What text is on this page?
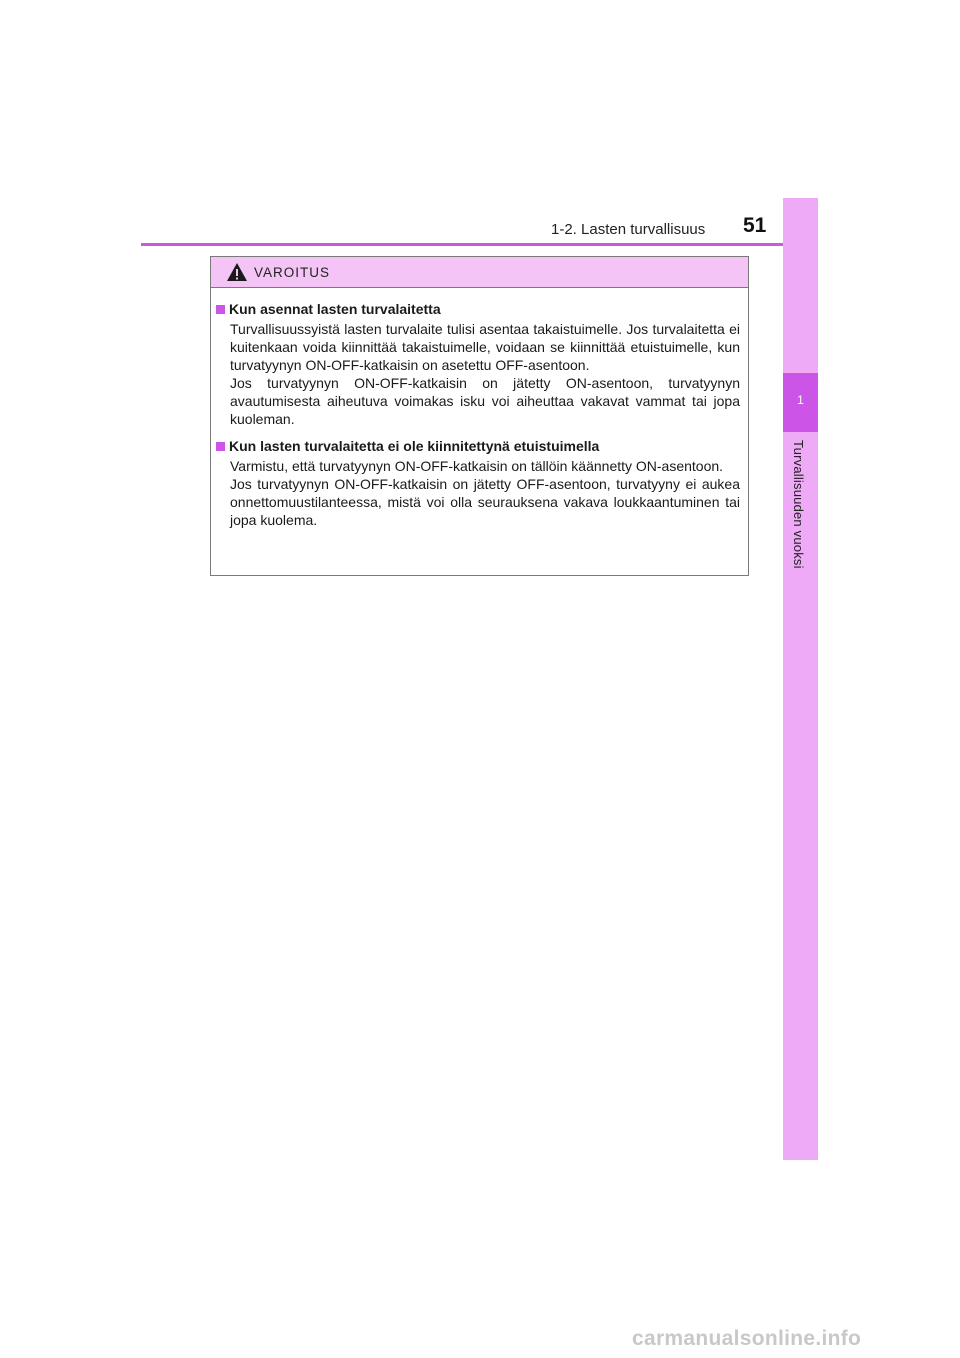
1-2. Lasten turvallisuus 51
1
Turvallisuuden vuoksi
VAROITUS
Kun asennat lasten turvalaitetta

Turvallisuussyistä lasten turvalaite tulisi asentaa takaistuimelle. Jos turvalaitetta ei kuitenkaan voida kiinnittää takaistuimelle, voidaan se kiinnittää etuistuimelle, kun turvatyynyn ON-OFF-katkaisin on asetettu OFF-asentoon.

Jos turvatyynyn ON-OFF-katkaisin on jätetty ON-asentoon, turvatyynyn avautumisesta aiheutuva voimakas isku voi aiheuttaa vakavat vammat tai jopa kuoleman.

Kun lasten turvalaitetta ei ole kiinnitettynä etuistuimella

Varmistu, että turvatyynyn ON-OFF-katkaisin on tällöin käännetty ON-asentoon.

Jos turvatyynyn ON-OFF-katkaisin on jätetty OFF-asentoon, turvatyyny ei aukea onnettomuustilanteessa, mistä voi olla seurauksena vakava loukkaantuminen tai jopa kuolema.

carmanualsonline.info
